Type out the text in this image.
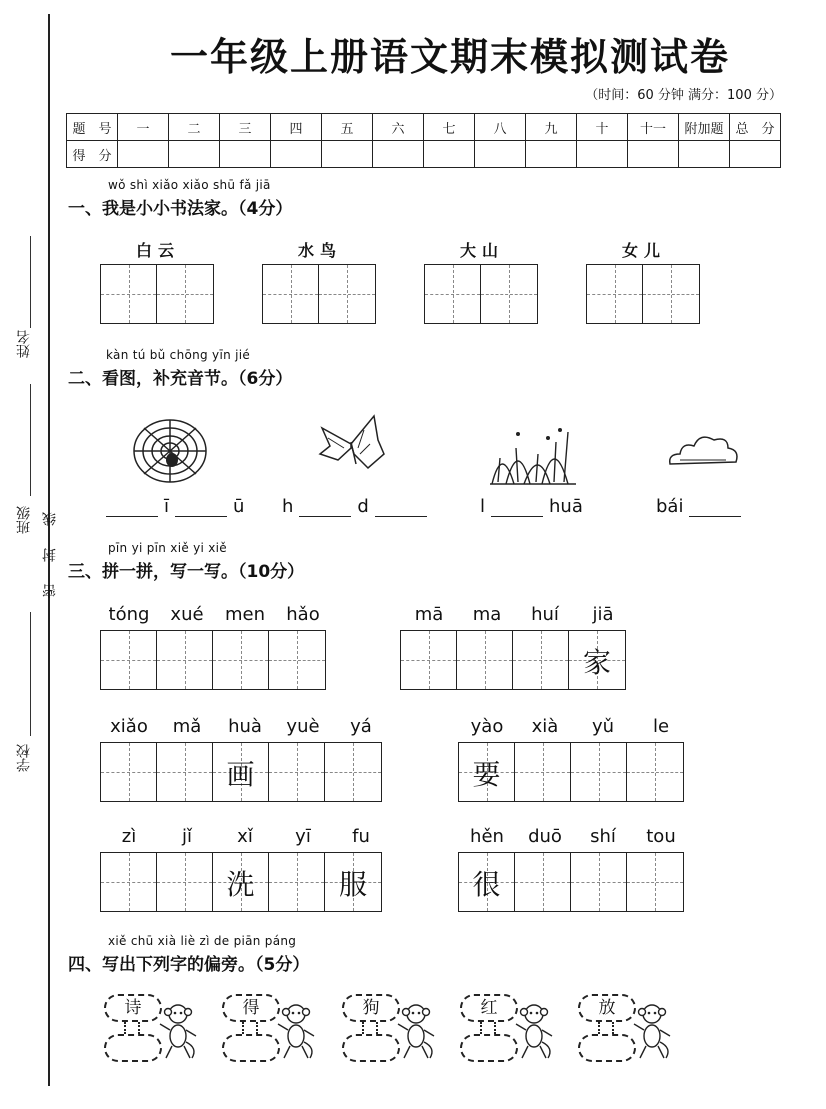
姓名
班级 线
封
密
学校
一年级上册语文期末模拟测试卷
（时间：60 分钟 满分：100 分）
题　号	一	二	三	四	五	六	七	八	九	十	十一	附加题	总　分
得　分													
wǒ shì xiǎo xiǎo shū fǎ jiā
一、我是小小书法家。（4分）
白云	水鸟	大山	女儿
kàn tú bǔ chōng yīn jié
二、看图，补充音节。（6分）
ī	ū h	d	l	huā	bái
pīn yi pīn xiě yi xiě
三、拼一拼，写一写。（10分）
tóng	xué	men	hǎo	mā	ma	huí	jiā
家
xiǎo	mǎ	huà	yuè	yá
画
yào	xià	yǔ	le
要
zì	jǐ	xǐ	yī	fu
洗	服
hěn	duō	shí	tou
很
xiě chū xià liè zì de piān páng
四、写出下列字的偏旁。（5分）
诗	得	狗	红	放
